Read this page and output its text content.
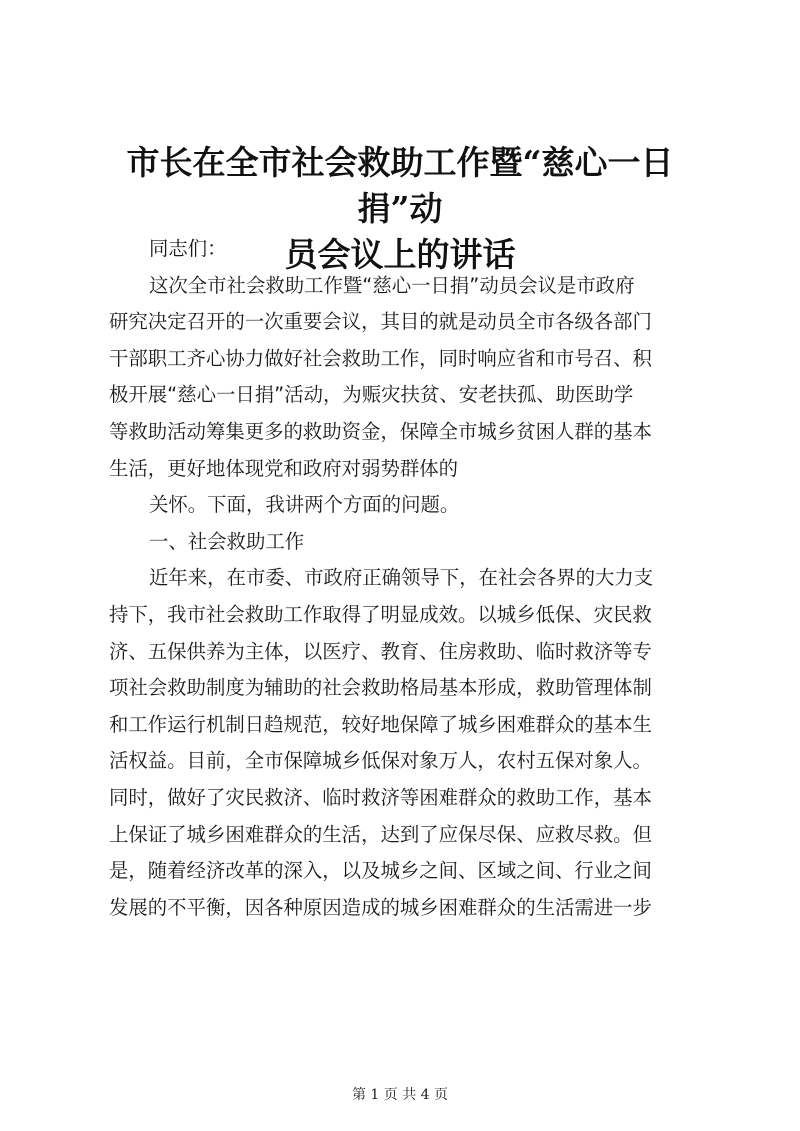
市长在全市社会救助工作暨“慈心一日捐”动
员会议上的讲话
同志们：
这次全市社会救助工作暨“慈心一日捐”动员会议是市政府
研究决定召开的一次重要会议，其目的就是动员全市各级各部门
干部职工齐心协力做好社会救助工作，同时响应省和市号召、积
极开展“慈心一日捐”活动，为赈灾扶贫、安老扶孤、助医助学
等救助活动筹集更多的救助资金，保障全市城乡贫困人群的基本
生活，更好地体现党和政府对弱势群体的
关怀。下面，我讲两个方面的问题。
一、社会救助工作
近年来，在市委、市政府正确领导下，在社会各界的大力支
持下，我市社会救助工作取得了明显成效。以城乡低保、灾民救
济、五保供养为主体，以医疗、教育、住房救助、临时救济等专
项社会救助制度为辅助的社会救助格局基本形成，救助管理体制
和工作运行机制日趋规范，较好地保障了城乡困难群众的基本生
活权益。目前，全市保障城乡低保对象万人，农村五保对象人。
同时，做好了灾民救济、临时救济等困难群众的救助工作，基本
上保证了城乡困难群众的生活，达到了应保尽保、应救尽救。但
是，随着经济改革的深入，以及城乡之间、区域之间、行业之间
发展的不平衡，因各种原因造成的城乡困难群众的生活需进一步
第 1 页 共 4 页
